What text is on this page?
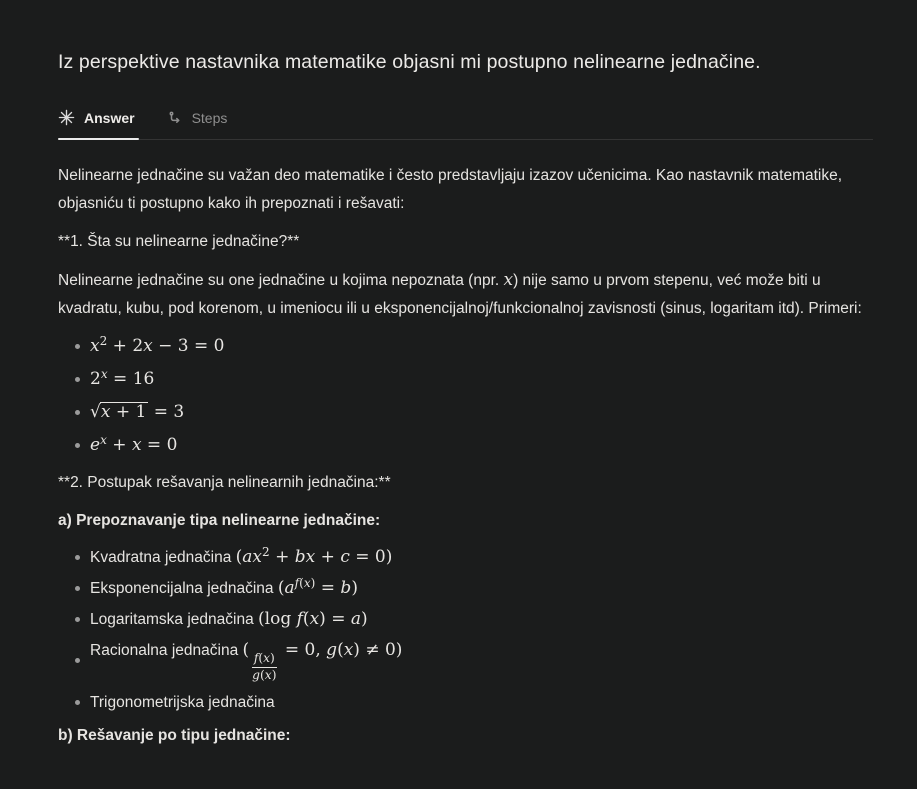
Iz perspektive nastavnika matematike objasni mi postupno nelinearne jednačine.
Answer	Steps

Nelinearne jednačine su važan deo matematike i često predstavljaju izazov učenicima. Kao nastavnik matematike, objasniću ti postupno kako ih prepoznati i rešavati:

**1. Šta su nelinearne jednačine?**

Nelinearne jednačine su one jednačine u kojima nepoznata (npr. x) nije samo u prvom stepenu, već može biti u kvadratu, kubu, pod korenom, u imeniocu ili u eksponencijalnoj/funkcionalnoj zavisnosti (sinus, logaritam itd). Primeri:

$x^2 + 2x - 3 = 0$
$2^x = 16$
√x + 1 = 3
$e^x + x = 0$

**2. Postupak rešavanja nelinearnih jednačina:**

a) Prepoznavanje tipa nelinearne jednačine:

Kvadratna jednačina ($ax^2$ + bx + c = 0)
Eksponencijalna jednačina $(a^{f(x)} = b)$
Logaritamska jednačina (log f(x) = a)
Racionalna jednačina (
$\frac{f(x)}{g(x)}$
= 0, g(x) ≠ 0)
Trigonometrijska jednačina

b) Rešavanje po tipu jednačine:
